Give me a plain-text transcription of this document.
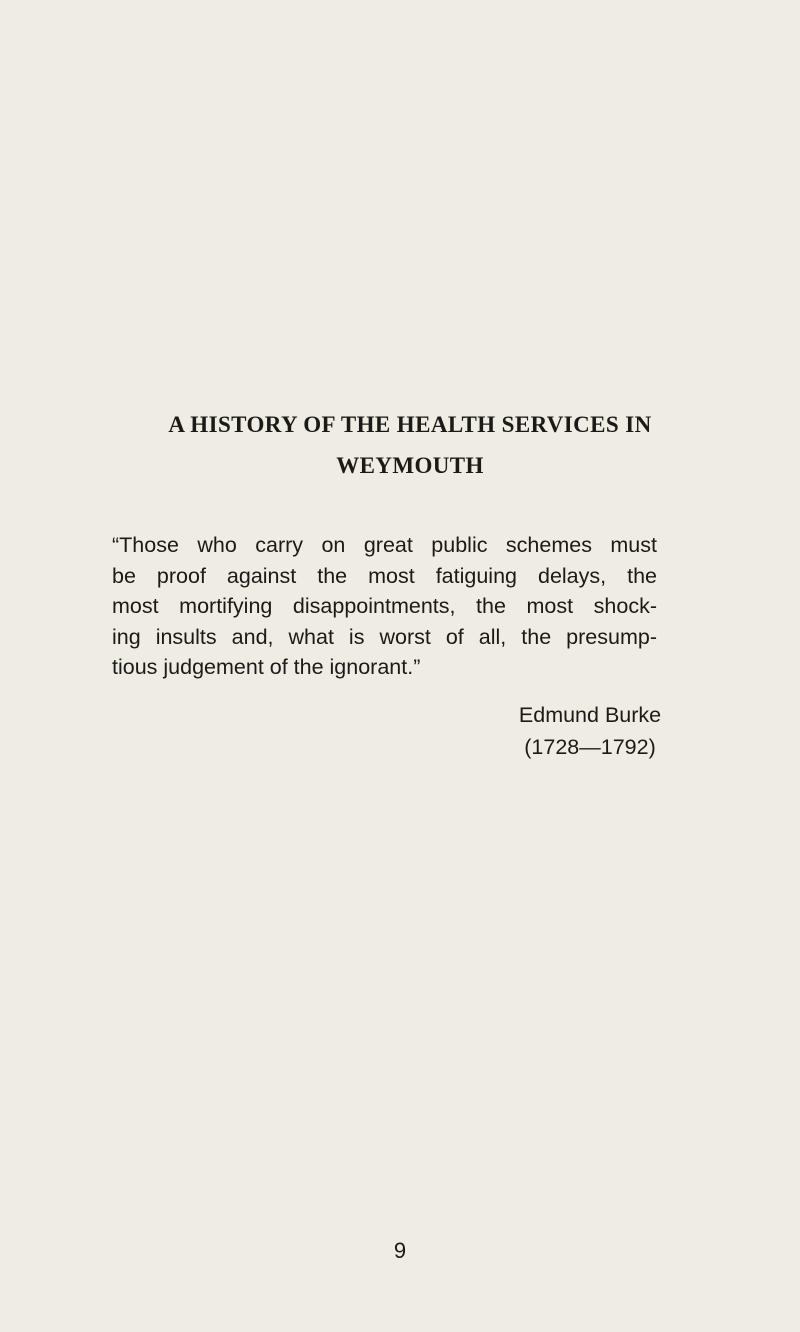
A HISTORY OF THE HEALTH SERVICES IN
WEYMOUTH
“Those who carry on great public schemes must
be proof against the most fatiguing delays, the
most mortifying disappointments, the most shock-
ing insults and, what is worst of all, the presump-
tious judgement of the ignorant.”

Edmund Burke

(1728—1792)

9
